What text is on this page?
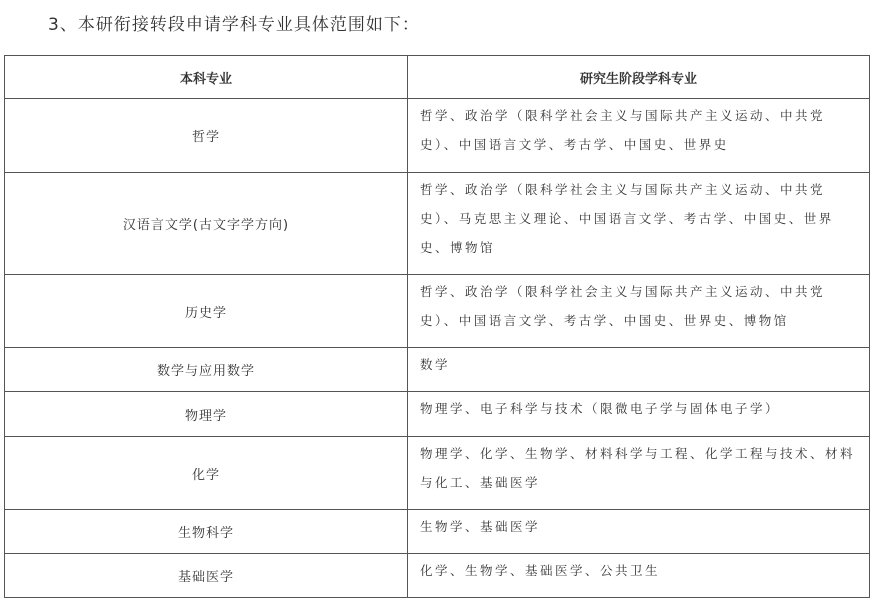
3、本研衔接转段申请学科专业具体范围如下：
本科专业	研究生阶段学科专业
哲学	哲学、政治学（限科学社会主义与国际共产主义运动、中共党史）、中国语言文学、考古学、中国史、世界史
汉语言文学(古文字学方向)	哲学、政治学（限科学社会主义与国际共产主义运动、中共党史）、马克思主义理论、中国语言文学、考古学、中国史、世界史、博物馆
历史学	哲学、政治学（限科学社会主义与国际共产主义运动、中共党史）、中国语言文学、考古学、中国史、世界史、博物馆
数学与应用数学	数学
物理学	物理学、电子科学与技术（限微电子学与固体电子学）
化学	物理学、化学、生物学、材料科学与工程、化学工程与技术、材料与化工、基础医学
生物科学	生物学、基础医学
基础医学	化学、生物学、基础医学、公共卫生
